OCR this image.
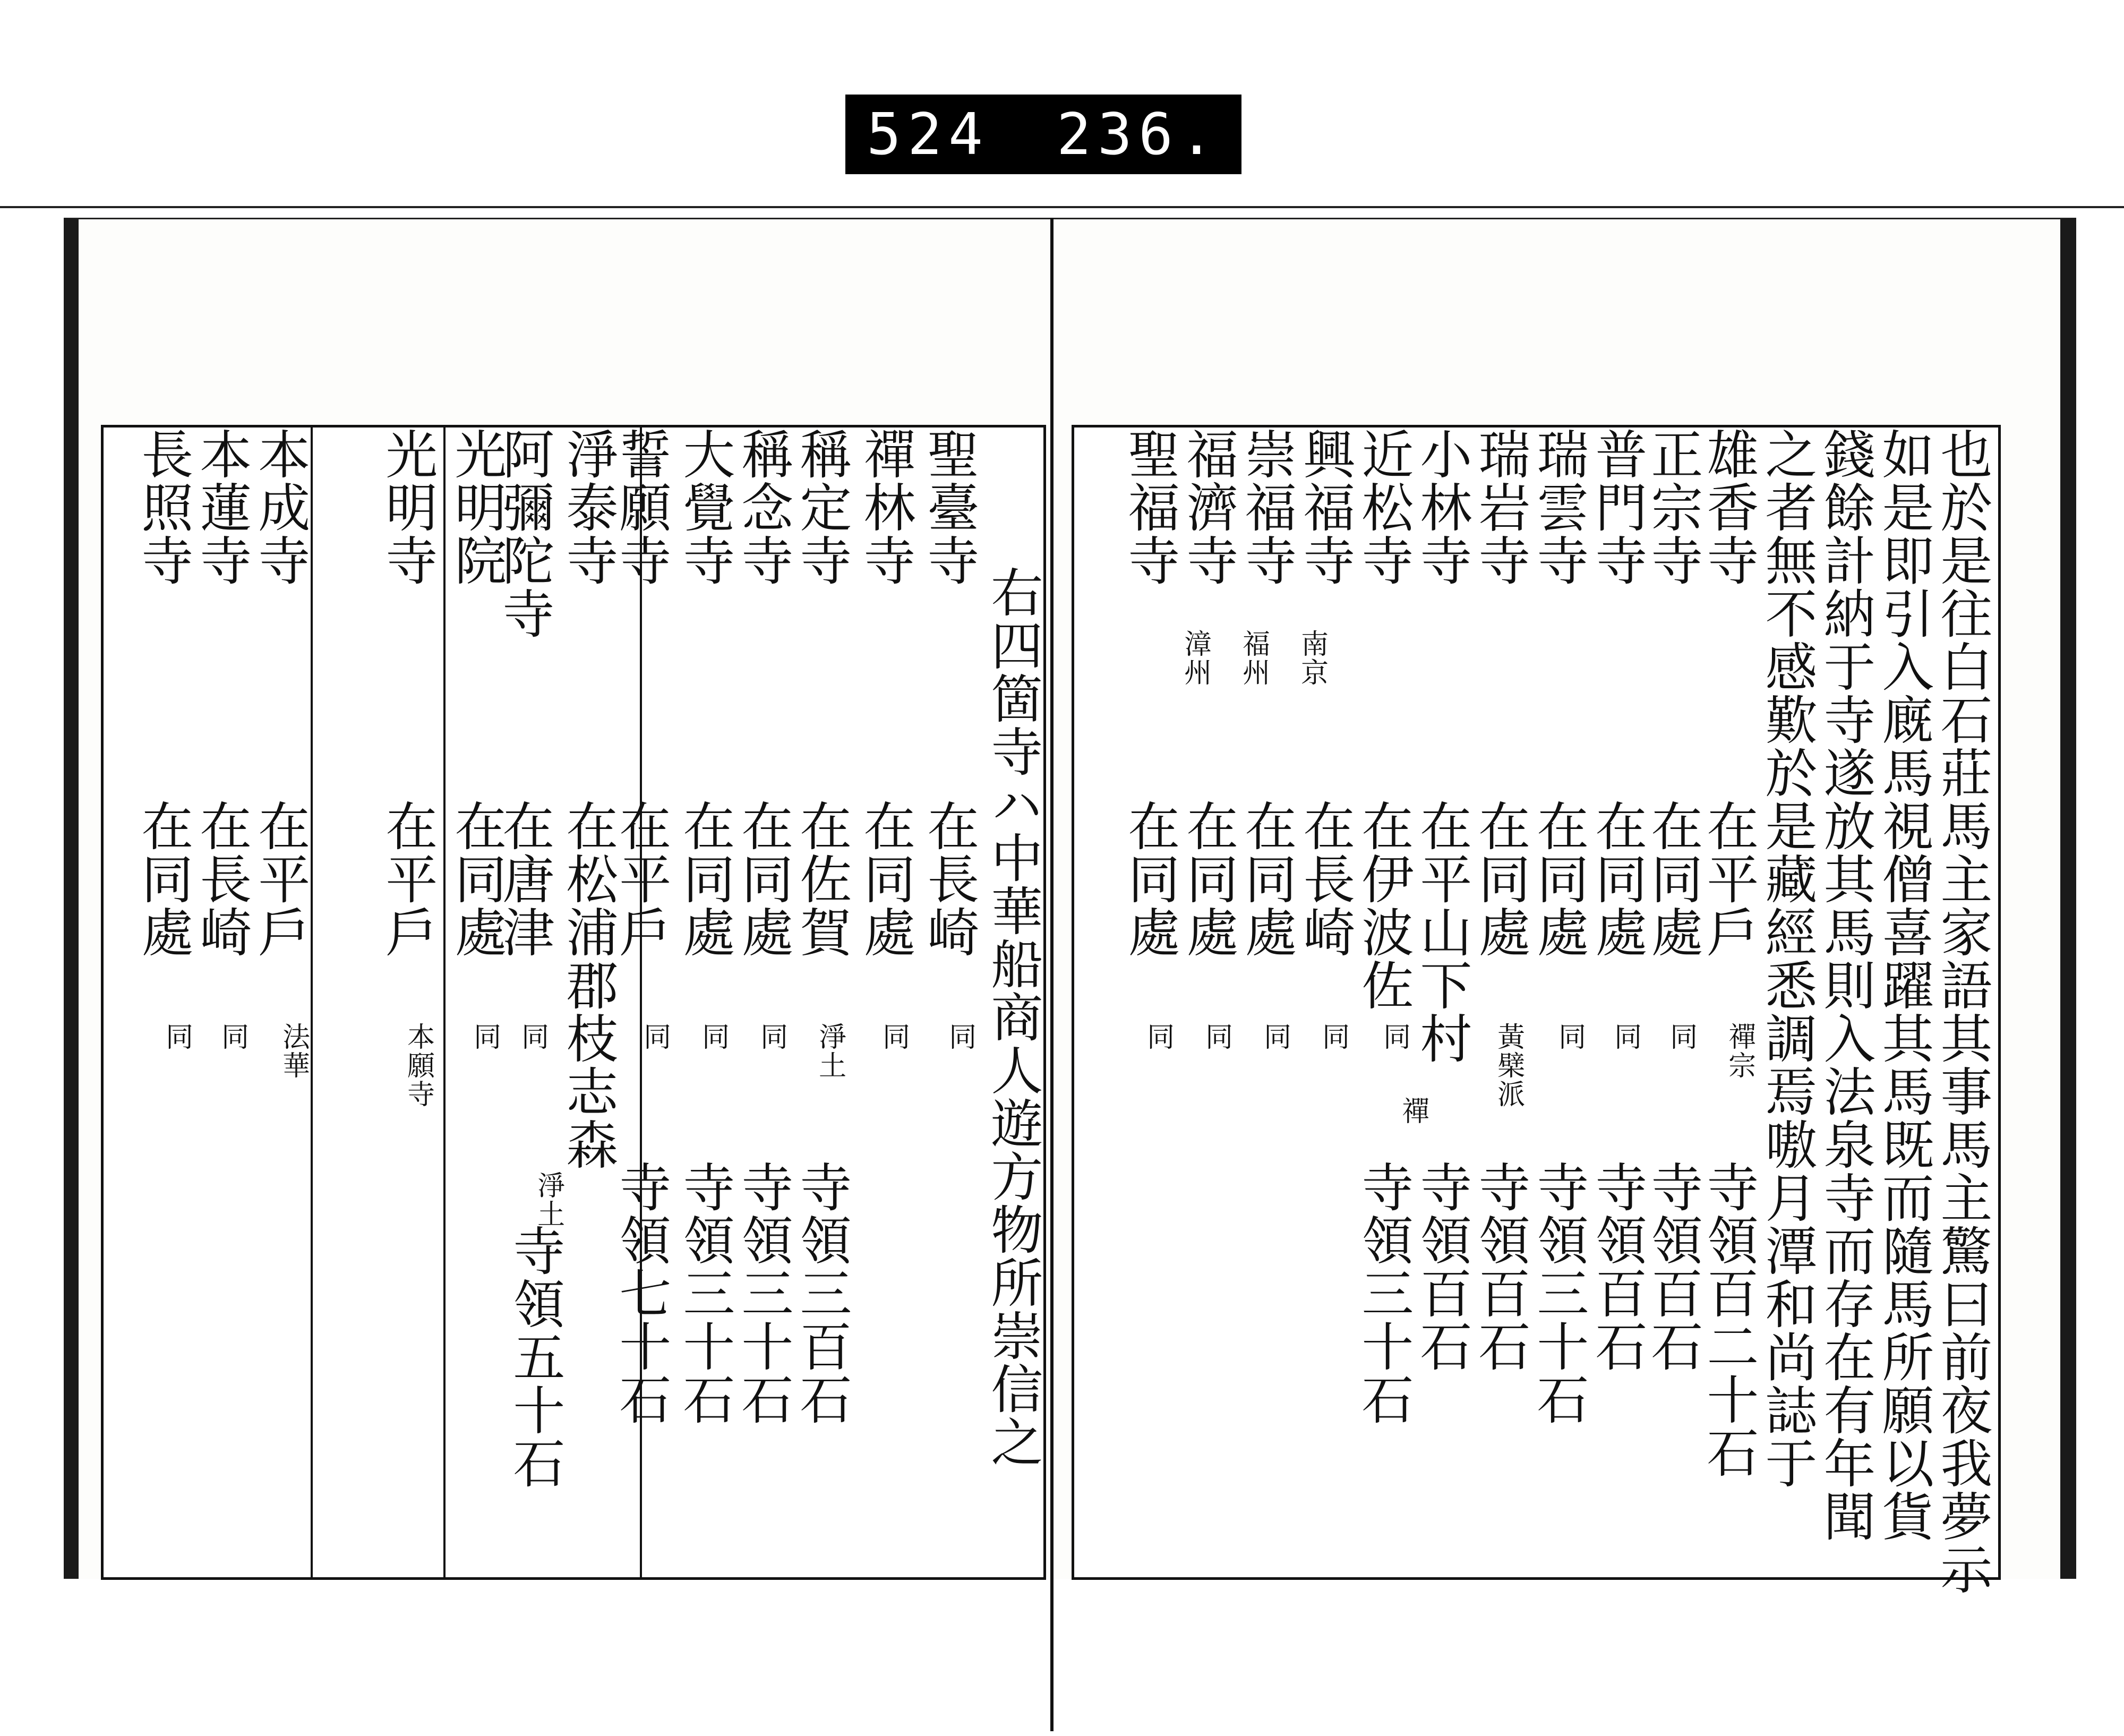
524 236.
右四箇寺ハ中華船商人遊方物所崇信之
聖臺寺
在長崎
同
禪林寺
在同處
同
稱定寺
在佐賀
淨土
寺領三百石
稱念寺
在同處
同
寺領三十石
大覺寺
在同處
同
寺領三十石
誓願寺
在平戶
同
寺領七十石
淨泰寺
在松浦郡枝志森
淨土
寺領五十石
阿彌陀寺
在唐津
同
光明院
在同處
同
光明寺
在平戶
本願寺
本成寺
在平戶
法華
本蓮寺
在長崎
同
長照寺
在同處
同	也於是往白石莊馬主家語其事馬主驚曰前夜我夢示
如是即引入廐馬視僧喜躍其馬既而隨馬所願以貨
錢餘計納于寺遂放其馬則入法泉寺而存在有年聞
之者無不感歎於是藏經悉調焉嗷月潭和尚誌于
雄香寺
在平戶
禪宗
寺領百二十石
正宗寺
在同處
同
寺領百石
普門寺
在同處
同
寺領百石
瑞雲寺
在同處
同
寺領三十石
瑞岩寺
在同處
黃檗派
寺領百石
小林寺
在平山下村
禪
寺領百石
近松寺
在伊波佐
同
寺領三十石
興福寺
南京
在長崎
同
崇福寺
福州
在同處
同
福濟寺
漳州
在同處
同
聖福寺
在同處
同
